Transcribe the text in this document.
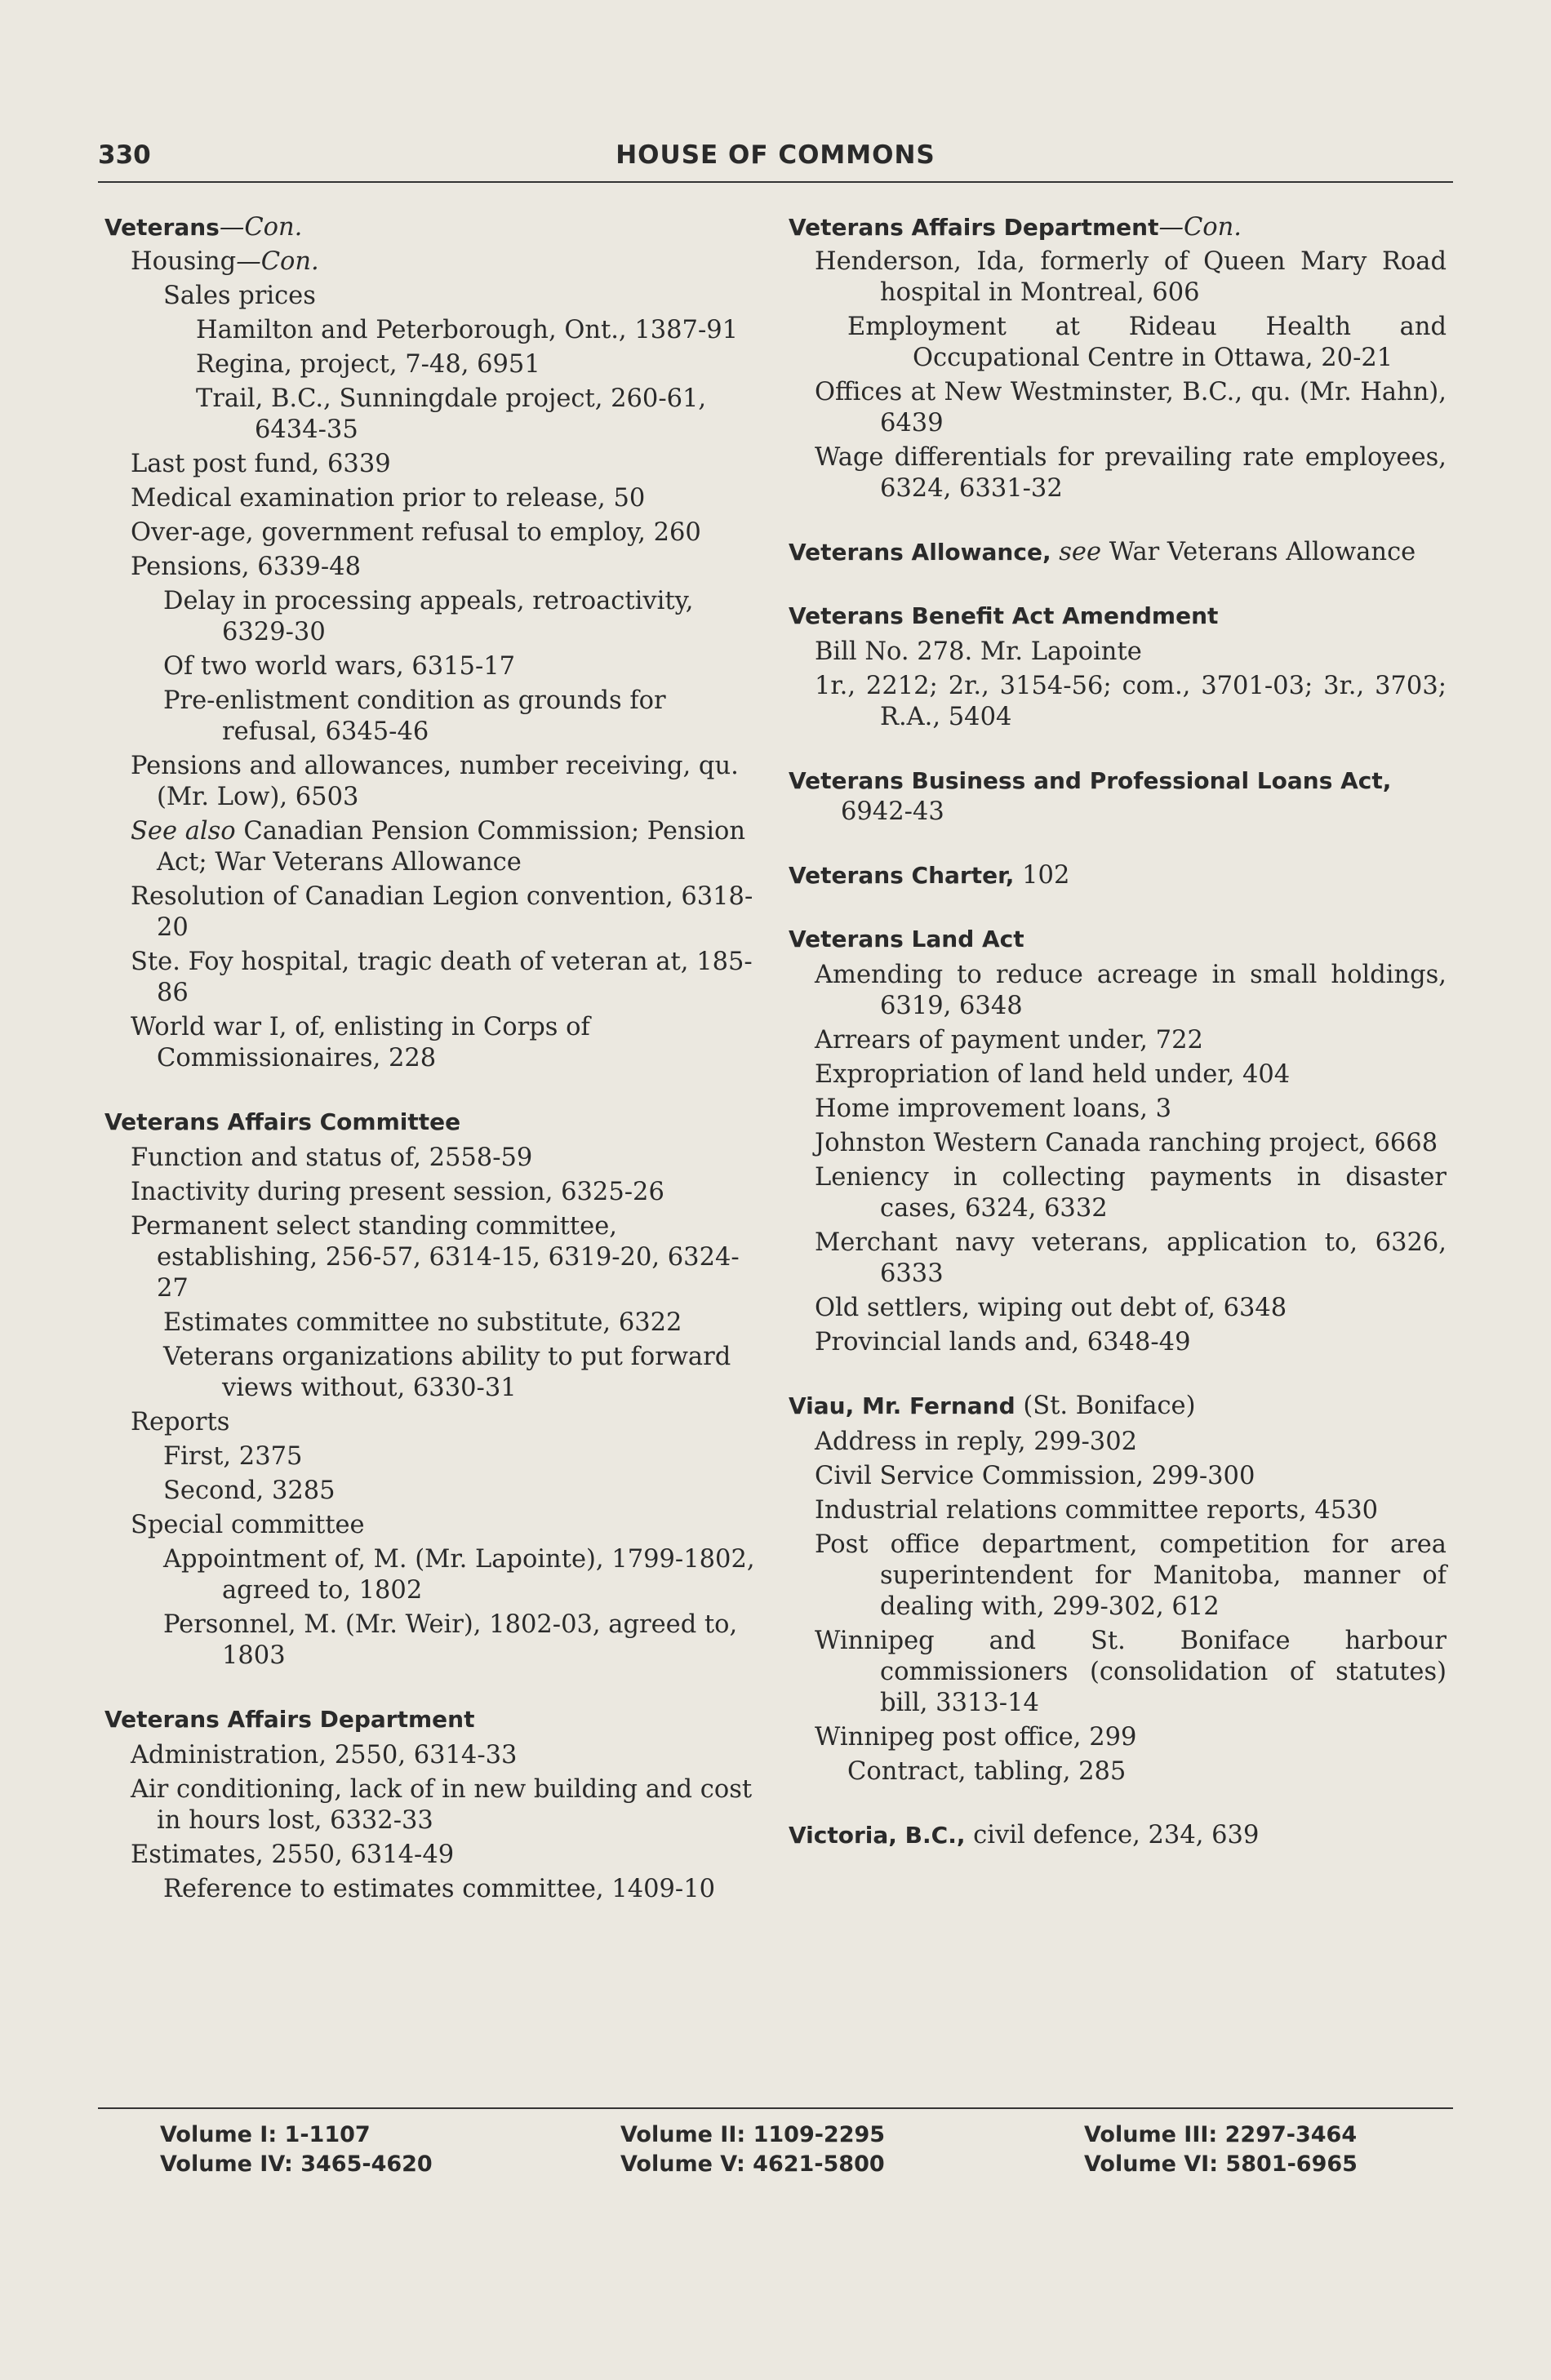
330	HOUSE OF COMMONS
Veterans—Con.
Housing—Con.
Sales prices
Hamilton and Peterborough, Ont., 1387-91
Regina, project, 7-48, 6951
Trail, B.C., Sunningdale project, 260-61, 6434-35
Last post fund, 6339
Medical examination prior to release, 50
Over-age, government refusal to employ, 260
Pensions, 6339-48
Delay in processing appeals, retroactivity, 6329-30
Of two world wars, 6315-17
Pre-enlistment condition as grounds for refusal, 6345-46
Pensions and allowances, number receiving, qu. (Mr. Low), 6503
See also Canadian Pension Commission; Pension Act; War Veterans Allowance
Resolution of Canadian Legion convention, 6318-20
Ste. Foy hospital, tragic death of veteran at, 185-86
World war I, of, enlisting in Corps of Commissionaires, 228
Veterans Affairs Committee
Function and status of, 2558-59
Inactivity during present session, 6325-26
Permanent select standing committee, establishing, 256-57, 6314-15, 6319-20, 6324-27
Estimates committee no substitute, 6322
Veterans organizations ability to put forward views without, 6330-31
Reports
First, 2375
Second, 3285
Special committee
Appointment of, M. (Mr. Lapointe), 1799-1802, agreed to, 1802
Personnel, M. (Mr. Weir), 1802-03, agreed to, 1803
Veterans Affairs Department
Administration, 2550, 6314-33
Air conditioning, lack of in new building and cost in hours lost, 6332-33
Estimates, 2550, 6314-49
Reference to estimates committee, 1409-10
Veterans Affairs Department—Con.
Henderson, Ida, formerly of Queen Mary Road hospital in Montreal, 606
Employment at Rideau Health and Occupational Centre in Ottawa, 20-21
Offices at New Westminster, B.C., qu. (Mr. Hahn), 6439
Wage differentials for prevailing rate employees, 6324, 6331-32
Veterans Allowance, see War Veterans Allowance
Veterans Benefit Act Amendment
Bill No. 278. Mr. Lapointe
1r., 2212; 2r., 3154-56; com., 3701-03; 3r., 3703; R.A., 5404
Veterans Business and Professional Loans Act, 6942-43
Veterans Charter, 102
Veterans Land Act
Amending to reduce acreage in small holdings, 6319, 6348
Arrears of payment under, 722
Expropriation of land held under, 404
Home improvement loans, 3
Johnston Western Canada ranching project, 6668
Leniency in collecting payments in disaster cases, 6324, 6332
Merchant navy veterans, application to, 6326, 6333
Old settlers, wiping out debt of, 6348
Provincial lands and, 6348-49
Viau, Mr. Fernand (St. Boniface)
Address in reply, 299-302
Civil Service Commission, 299-300
Industrial relations committee reports, 4530
Post office department, competition for area superintendent for Manitoba, manner of dealing with, 299-302, 612
Winnipeg and St. Boniface harbour commissioners (consolidation of statutes) bill, 3313-14
Winnipeg post office, 299
Contract, tabling, 285
Victoria, B.C., civil defence, 234, 639
Volume I: 1-1107
Volume IV: 3465-4620
Volume II: 1109-2295
Volume V: 4621-5800
Volume III: 2297-3464
Volume VI: 5801-6965
